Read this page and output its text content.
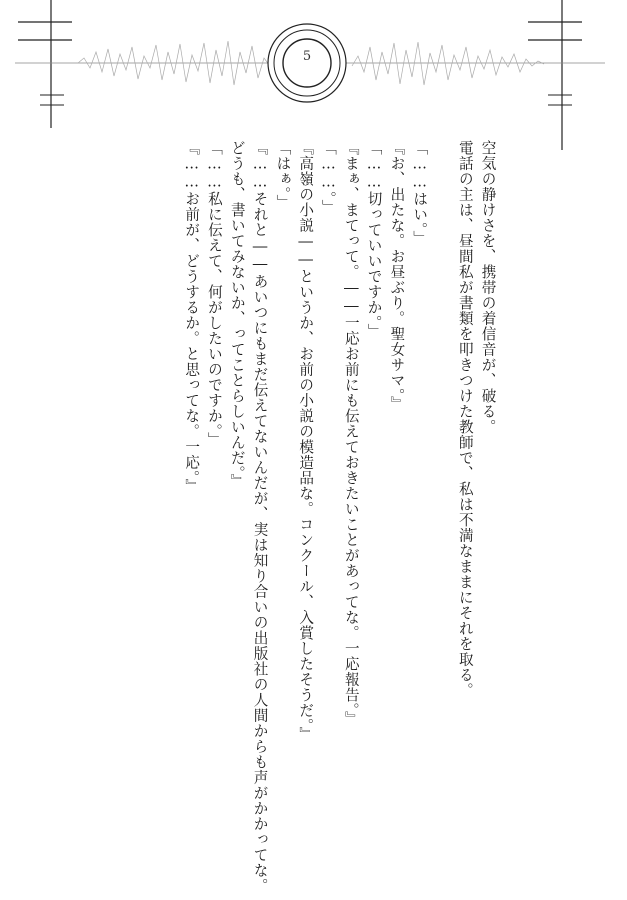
5
空気の静けさを、携帯の着信音が、破る。
電話の主は、昼間私が書類を叩きつけた教師で、私は不満なままにそれを取る。
「……はい。」
『お、出たな。お昼ぶり。聖女サマ。』
「……切っていいですか。」
『まぁ、まてって。――一応お前にも伝えておきたいことがあってな。一応報告。』
「……。」
『高嶺の小説――というか、お前の小説の模造品な。コンクール、入賞したそうだ。』
「はぁ。」
『……それと――あいつにもまだ伝えてないんだが、実は知り合いの出版社の人間からも声がかかってな。
どうも、書いてみないか、ってことらしいんだ。』
「……私に伝えて、何がしたいのですか。」
『……お前が、どうするか。と思ってな。一応。』
